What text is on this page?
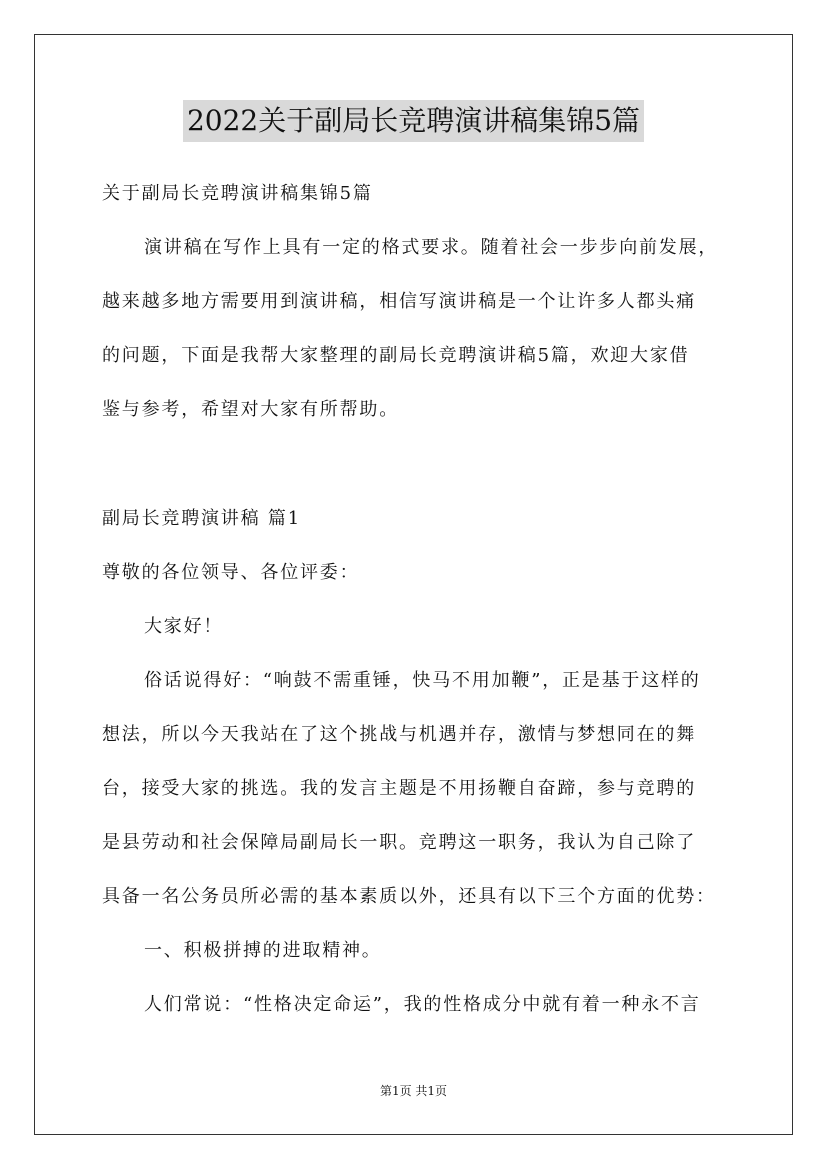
2022关于副局长竞聘演讲稿集锦5篇
关于副局长竞聘演讲稿集锦5篇
演讲稿在写作上具有一定的格式要求。随着社会一步步向前发展，
越来越多地方需要用到演讲稿，相信写演讲稿是一个让许多人都头痛
的问题，下面是我帮大家整理的副局长竞聘演讲稿5篇，欢迎大家借
鉴与参考，希望对大家有所帮助。
副局长竞聘演讲稿 篇1
尊敬的各位领导、各位评委：
大家好！
俗话说得好：“响鼓不需重锤，快马不用加鞭”，正是基于这样的
想法，所以今天我站在了这个挑战与机遇并存，激情与梦想同在的舞
台，接受大家的挑选。我的发言主题是不用扬鞭自奋蹄，参与竞聘的
是县劳动和社会保障局副局长一职。竞聘这一职务，我认为自己除了
具备一名公务员所必需的基本素质以外，还具有以下三个方面的优势：
一、积极拼搏的进取精神。
人们常说：“性格决定命运”，我的性格成分中就有着一种永不言
第1页 共1页
